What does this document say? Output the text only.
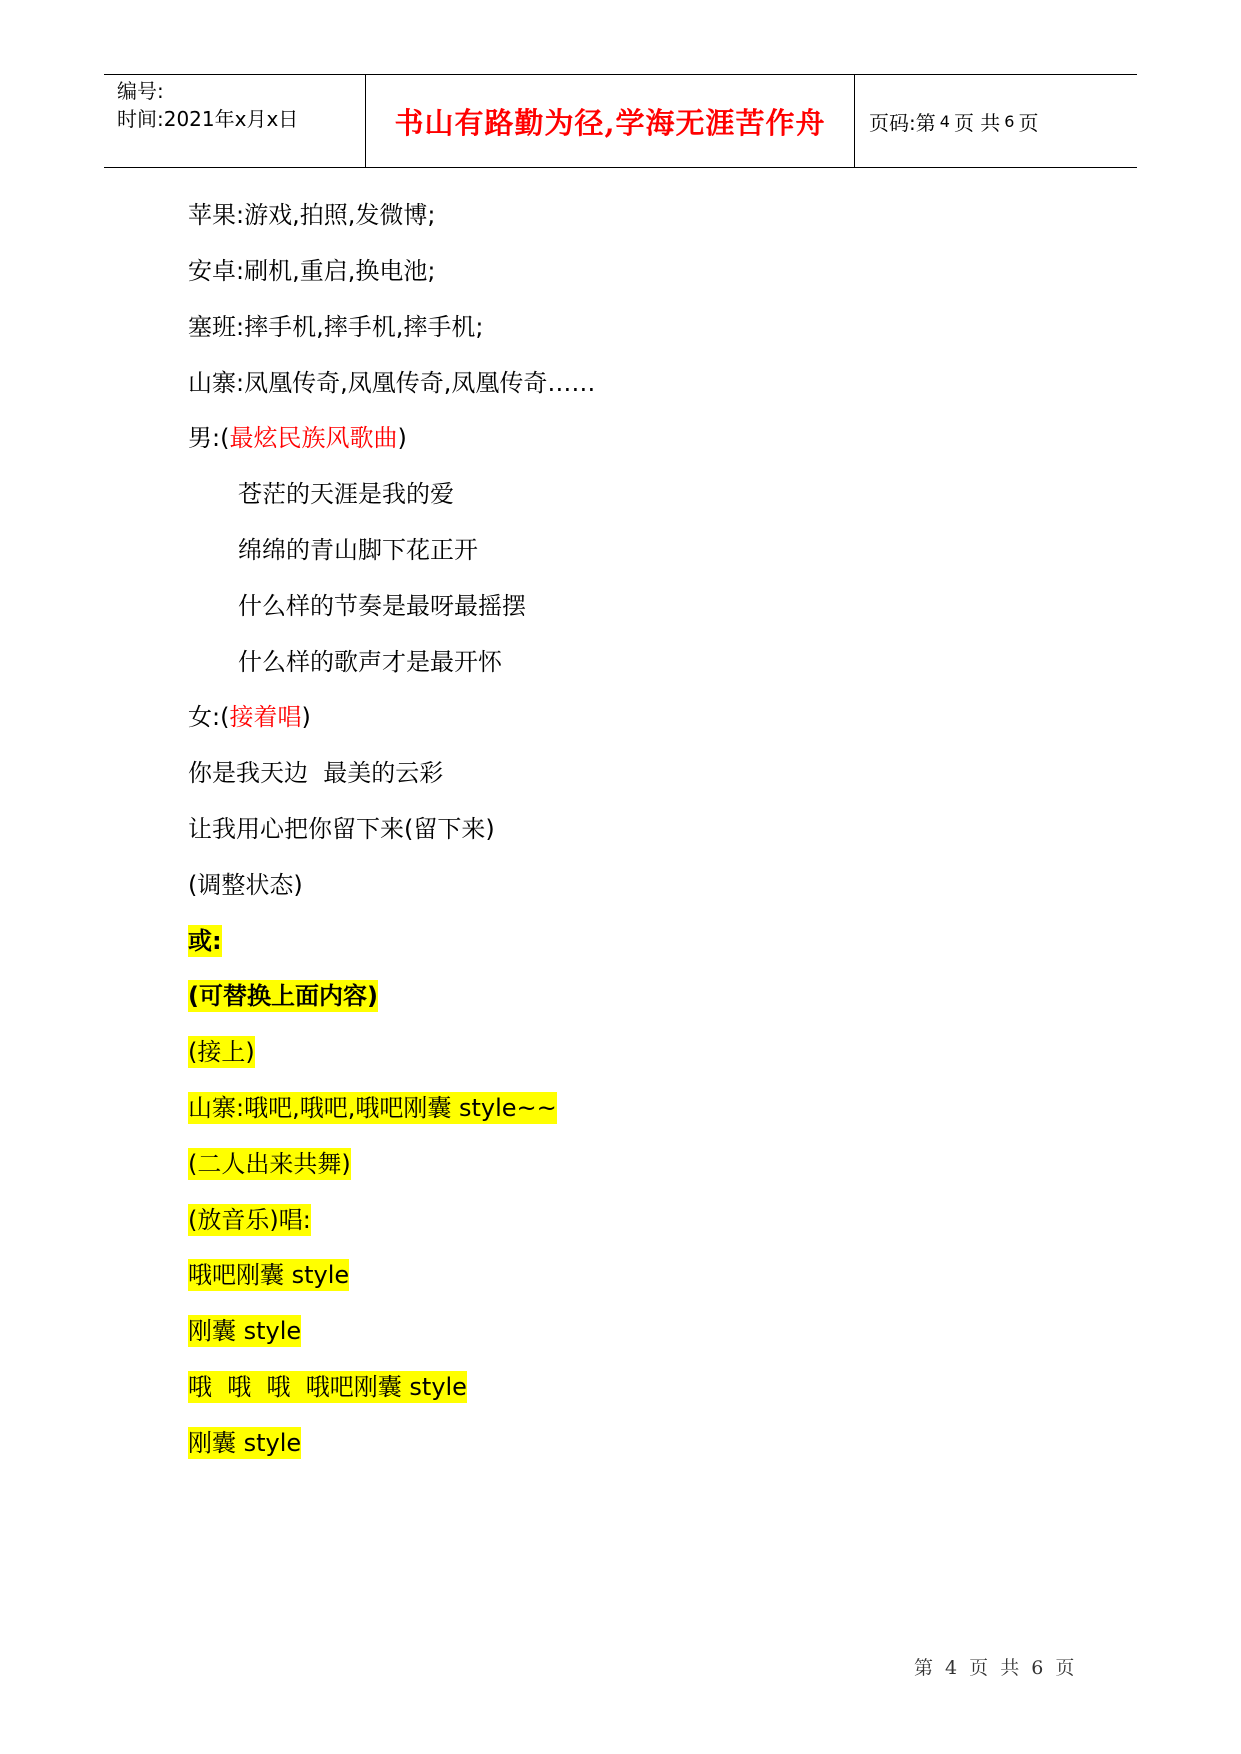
编号:
时间:2021年x月x日	书山有路勤为径,学海无涯苦作舟 页码:第 4 页 共 6 页
苹果:游戏,拍照,发微博;
安卓:刷机,重启,换电池;
塞班:摔手机,摔手机,摔手机;
山寨:凤凰传奇,凤凰传奇,凤凰传奇……
男:(最炫民族风歌曲)
苍茫的天涯是我的爱
绵绵的青山脚下花正开
什么样的节奏是最呀最摇摆
什么样的歌声才是最开怀
女:(接着唱)
你是我天边  最美的云彩
让我用心把你留下来(留下来)
(调整状态)
或:
(可替换上面内容)
(接上)
山寨:哦吧,哦吧,哦吧刚囊 style~~
(二人出来共舞)
(放音乐)唱:
哦吧刚囊 style
刚囊 style
哦  哦  哦  哦吧刚囊 style
刚囊 style
第 4 页 共 6 页
